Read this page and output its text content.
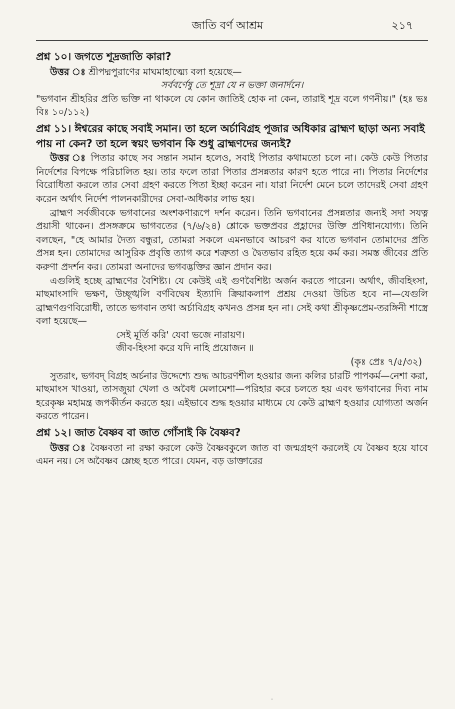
জাতি বর্ণ আশ্রম	২১৭

প্রশ্ন ১০। জগতে শূদ্রজাতি কারা?

উত্তর ঃ শ্রীপদ্মপুরাণের মাঘমাহাত্ম্যে বলা হয়েছে—

সর্ববর্ণেষু তে শূদ্রা যে ন ভক্তা জনার্দনে।

"ভগবান শ্রীহরির প্রতি ভক্তি না থাকলে যে কোন জাতিই হোক না কেন, তারাই শূদ্র বলে গণনীয়।" (হঃ ভঃ বিঃ ১০/১১২)

প্রশ্ন ১১। ঈশ্বরের কাছে সবাই সমান। তা হলে অর্চাবিগ্রহ পূজার অধিকার ব্রাহ্মণ ছাড়া অন্য সবাই পায় না কেন? তা হলে স্বয়ং ভগবান কি শুধু ব্রাহ্মণদের জন্যই?

উত্তর ঃ পিতার কাছে সব সন্তান সমান হলেও, সবাই পিতার কথামতো চলে না। কেউ কেউ পিতার নির্দেশের বিপক্ষে পরিচালিত হয়। তার ফলে তারা পিতার প্রসন্নতার কারণ হতে পারে না। পিতার নির্দেশের বিরোধিতা করলে তার সেবা গ্রহণ করতে পিতা ইচ্ছা করেন না। যারা নির্দেশ মেনে চলে তাদেরই সেবা গ্রহণ করেন অর্থাৎ নির্দেশ পালনকারীদের সেবা-অধিকার লাভ হয়।

ব্রাহ্মণ সর্বজীবকে ভগবানের অংশকণারূপে দর্শন করেন। তিনি ভগবানের প্রসন্নতার জন্যই সদা সযত্ন প্রয়াসী থাকেন। প্রসঙ্গক্রমে ভাগবতের (৭/৬/২৪) শ্লোকে ভক্তপ্রবর প্রহ্লাদের উক্তি প্রণিধানযোগ্য। তিনি বলছেন, "হে আমার দৈত্য বন্ধুরা, তোমরা সকলে এমনভাবে আচরণ কর যাতে ভগবান তোমাদের প্রতি প্রসন্ন হন। তোমাদের আসুরিক প্রবৃত্তি ত্যাগ করে শত্রুতা ও দ্বৈতভাব রহিত হয়ে কর্ম কর। সমস্ত জীবের প্রতি করুণা প্রদর্শন কর। তোমরা অনাদের ভগবদ্ভক্তির জ্ঞান প্রদান কর।

এগুলিই হচ্ছে ব্রাহ্মণের বৈশিষ্ট্য। যে কেউই এই গুণবৈশিষ্ট্য অর্জন করতে পারেন। অর্থাৎ, জীবহিংসা, মাছমাংসাদি ভক্ষণ, উচ্ছৃঙ্খলি বর্ণবিদ্বেষ ইত্যাদি ক্রিয়াকলাপ প্রশ্রয় দেওয়া উচিত হবে না—যেগুলি ব্রাহ্মণগুণবিরোধী, তাতে ভগবান তথা অর্চাবিগ্রহ কখনও প্রসন্ন হন না। সেই কথা শ্রীকৃষ্ণপ্রেম-তরঙ্গিনী শাস্ত্রে বলা হয়েছে—

সেই মূর্তি করি' যেবা ভজে নারায়ণ।

জীব-হিংসা করে যদি নাহি প্রয়োজন ॥

(কৃঃ প্রেঃ ৭/৫/৩২)

সুতরাং, ভগবদ্ বিগ্রহ অর্চনার উদ্দেশ্যে শুদ্ধ আচরণশীল হওয়ার জন্য কলির চারটি পাপকর্ম—নেশা করা, মাছমাংস খাওয়া, তাসজুয়া খেলা ও অবৈধ মেলামেশা—পরিহার করে চলতে হয় এবং ভগবানের দিব্য নাম হরেকৃষ্ণ মহামন্ত্র জপকীর্তন করতে হয়। এইভাবে শুদ্ধ হওয়ার মাধ্যমে যে কেউ ব্রাহ্মণ হওয়ার যোগ্যতা অর্জন করতে পারেন।

প্রশ্ন ১২। জাত বৈষ্ণব বা জাত গোঁসাই কি বৈষ্ণব?

উত্তর ঃ বৈষ্ণবতা না রক্ষা করলে কেউ বৈষ্ণবকুলে জাত বা জন্মগ্রহণ করলেই যে বৈষ্ণব হয়ে যাবে এমন নয়। সে অবৈষ্ণব ম্লেচ্ছ হতে পারে। যেমন, বড় ডাক্তারের

˙
